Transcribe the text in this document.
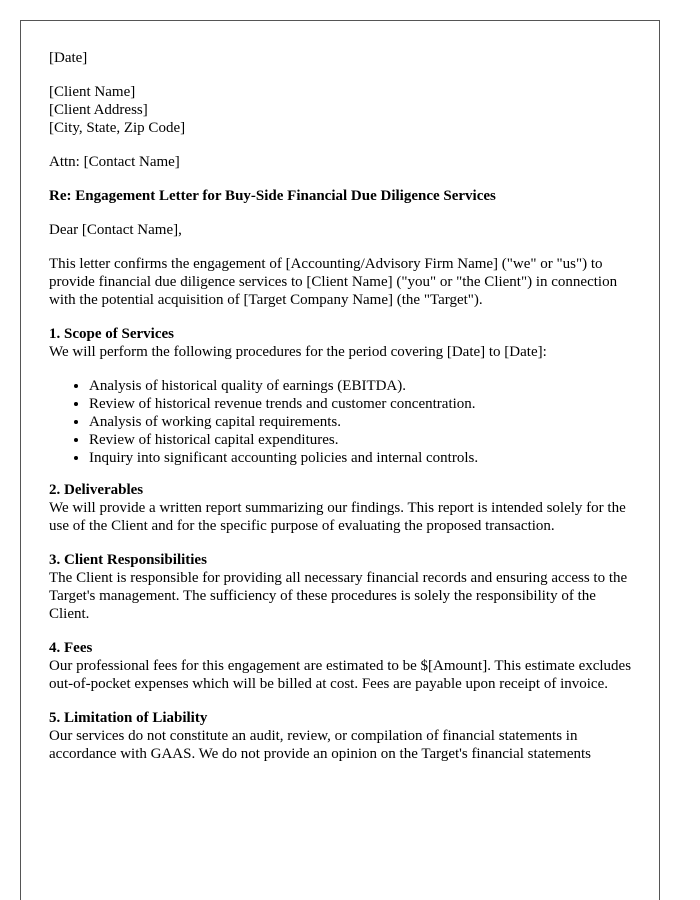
[Date]
[Client Name]
[Client Address]
[City, State, Zip Code]
Attn: [Contact Name]
Re: Engagement Letter for Buy-Side Financial Due Diligence Services
Dear [Contact Name],

This letter confirms the engagement of [Accounting/Advisory Firm Name] ("we" or "us") to provide financial due diligence services to [Client Name] ("you" or "the Client") in connection with the potential acquisition of [Target Company Name] (the "Target").

1. Scope of Services

We will perform the following procedures for the period covering [Date] to [Date]:

• Analysis of historical quality of earnings (EBITDA).
• Review of historical revenue trends and customer concentration.
• Analysis of working capital requirements.
• Review of historical capital expenditures.
• Inquiry into significant accounting policies and internal controls.
2. Deliverables

We will provide a written report summarizing our findings. This report is intended solely for the use of the Client and for the specific purpose of evaluating the proposed transaction.

3. Client Responsibilities

The Client is responsible for providing all necessary financial records and ensuring access to the Target's management. The sufficiency of these procedures is solely the responsibility of the Client.

4. Fees

Our professional fees for this engagement are estimated to be $[Amount]. This estimate excludes out-of-pocket expenses which will be billed at cost. Fees are payable upon receipt of invoice.

5. Limitation of Liability

Our services do not constitute an audit, review, or compilation of financial statements in accordance with GAAS. We do not provide an opinion on the Target's financial statements
